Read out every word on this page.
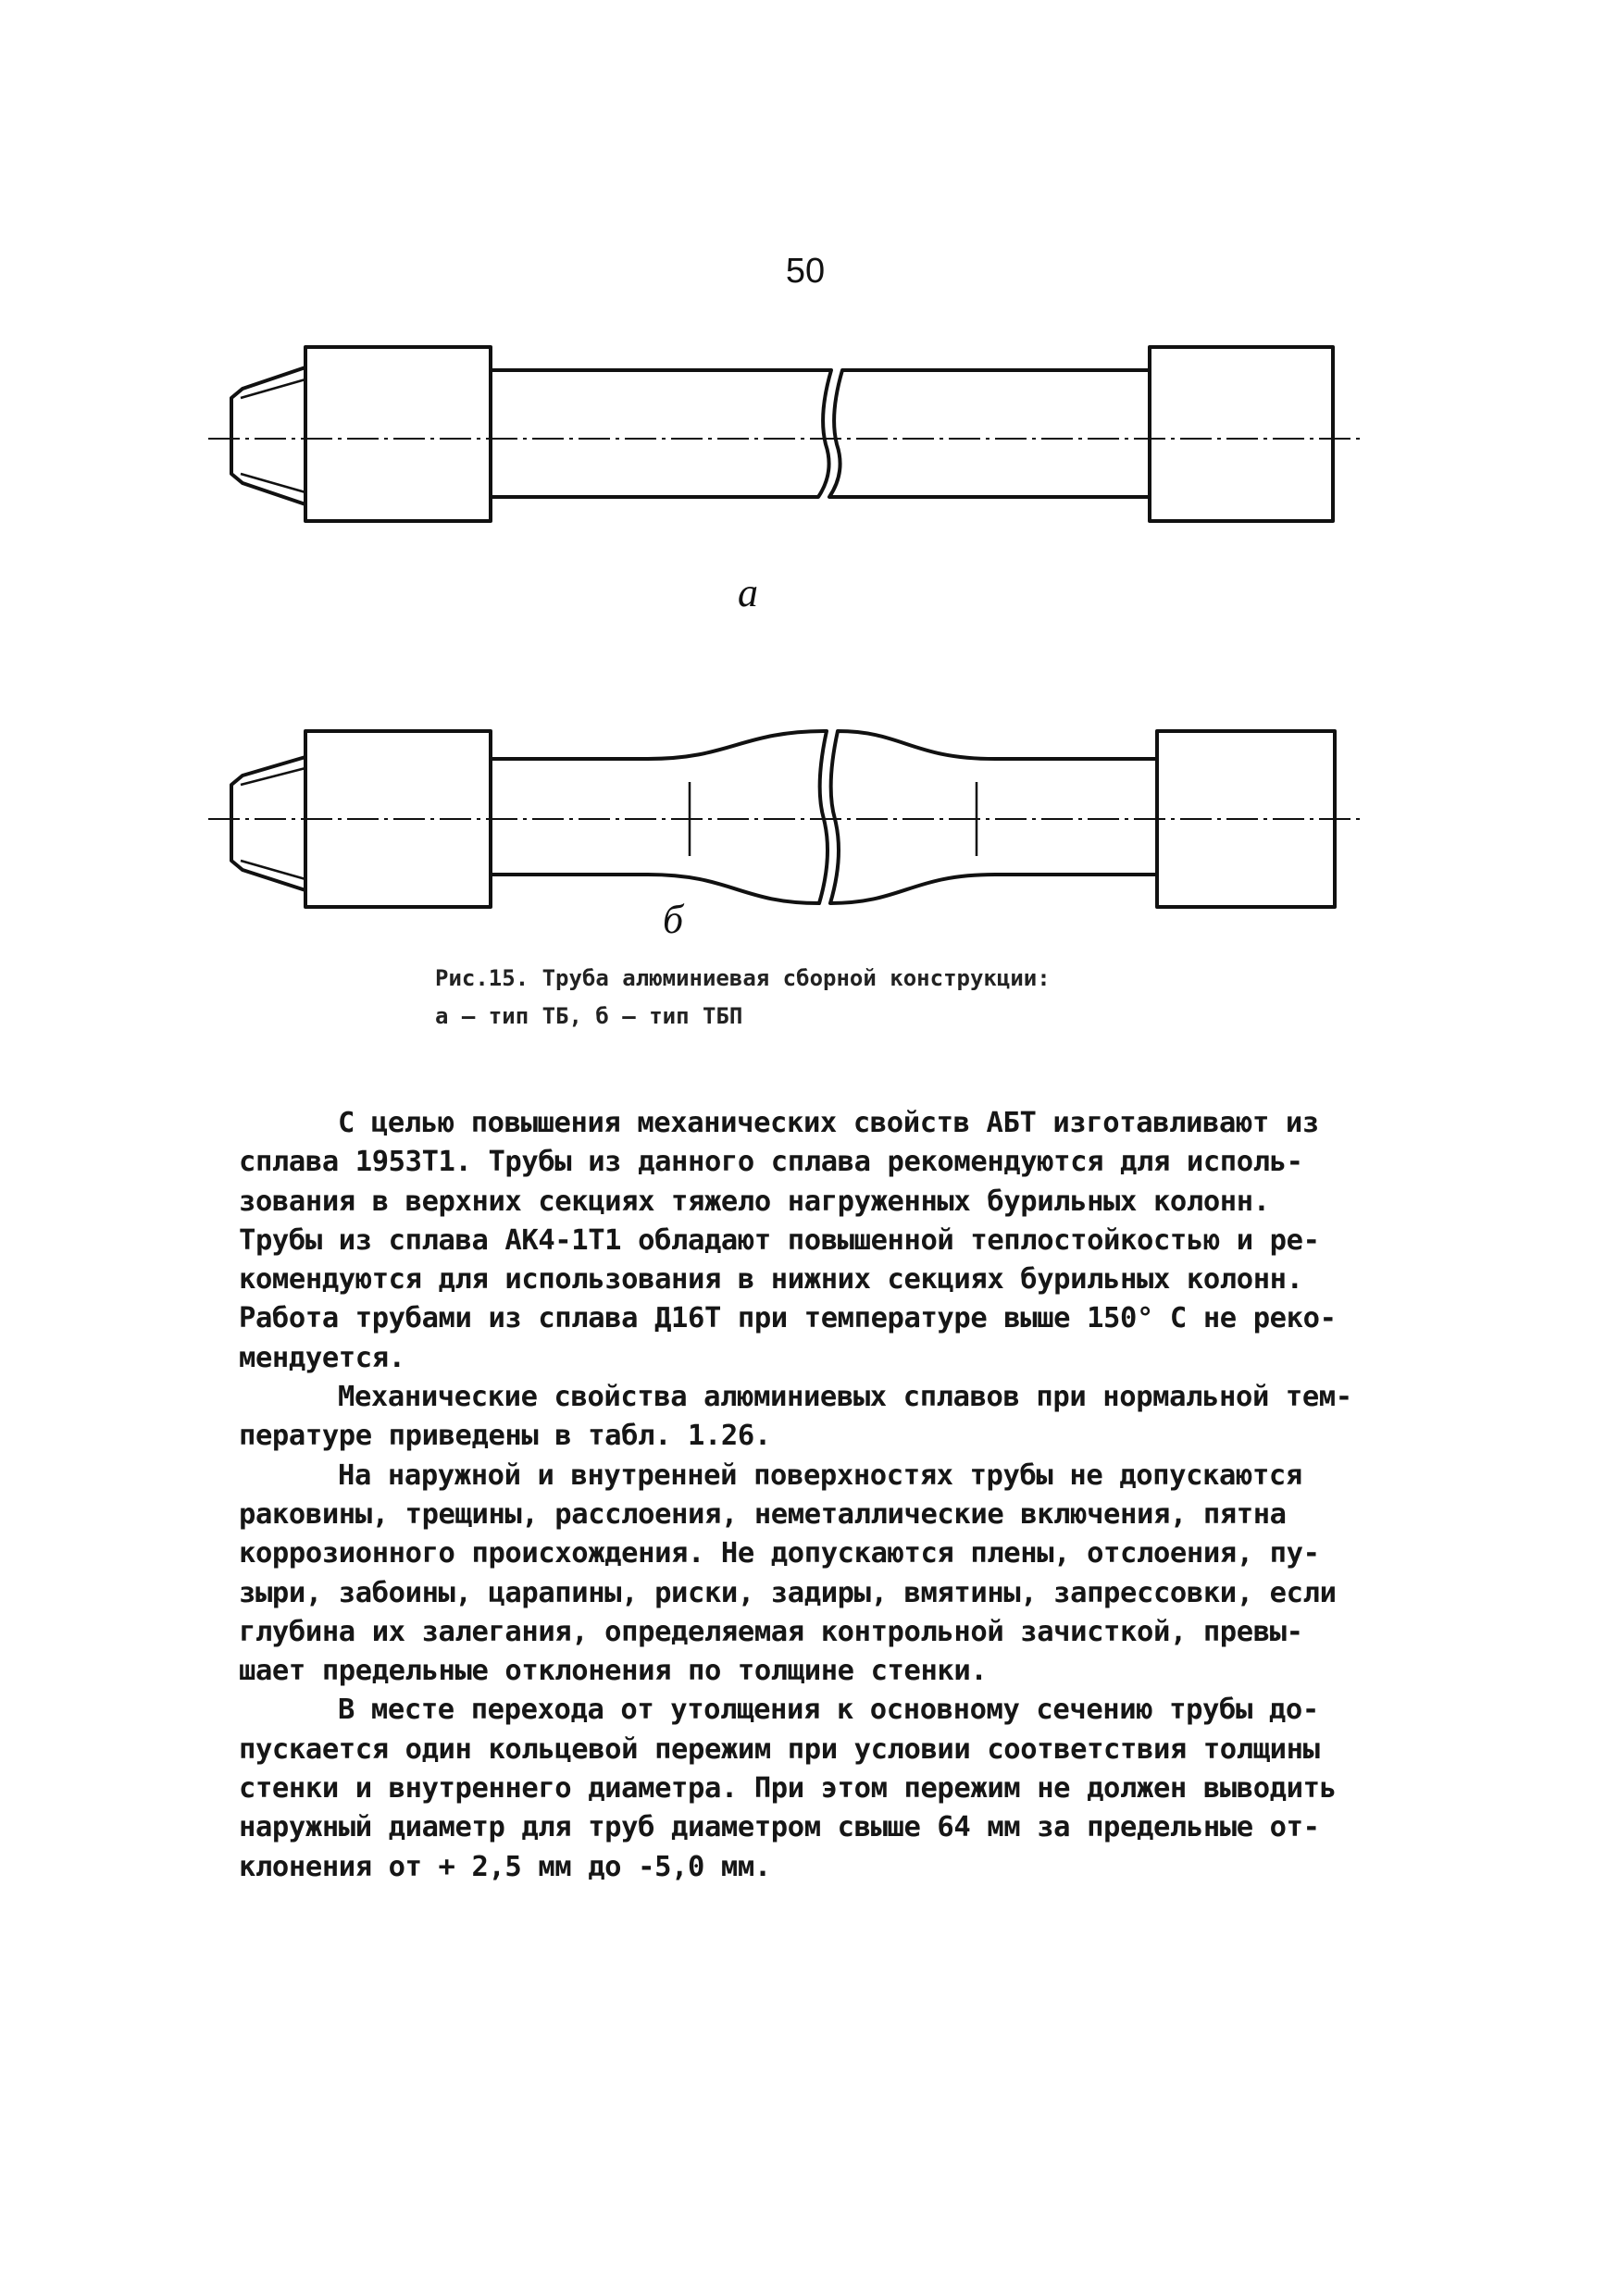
50
а
б
Рис.15. Труба алюминиевая сборной конструкции:
а – тип ТБ, б – тип ТБП
С целью повышения механических свойств АБТ изготавливают из
сплава 1953Т1. Трубы из данного сплава рекомендуются для исполь-
зования в верхних секциях тяжело нагруженных бурильных колонн.
Трубы из сплава АК4-1Т1 обладают повышенной теплостойкостью и ре-
комендуются для использования в нижних секциях бурильных колонн.
Работа трубами из сплава Д16Т при температуре выше 150° С не реко-
мендуется.
Механические свойства алюминиевых сплавов при нормальной тем-
пературе приведены в табл. 1.26.
На наружной и внутренней поверхностях трубы не допускаются
раковины, трещины, расслоения, неметаллические включения, пятна
коррозионного происхождения. Не допускаются плены, отслоения, пу-
зыри, забоины, царапины, риски, задиры, вмятины, запрессовки, если
глубина их залегания, определяемая контрольной зачисткой, превы-
шает предельные отклонения по толщине стенки.
В месте перехода от утолщения к основному сечению трубы до-
пускается один кольцевой пережим при условии соответствия толщины
стенки и внутреннего диаметра. При этом пережим не должен выводить
наружный диаметр для труб диаметром свыше 64 мм за предельные от-
клонения от + 2,5 мм до -5,0 мм.
